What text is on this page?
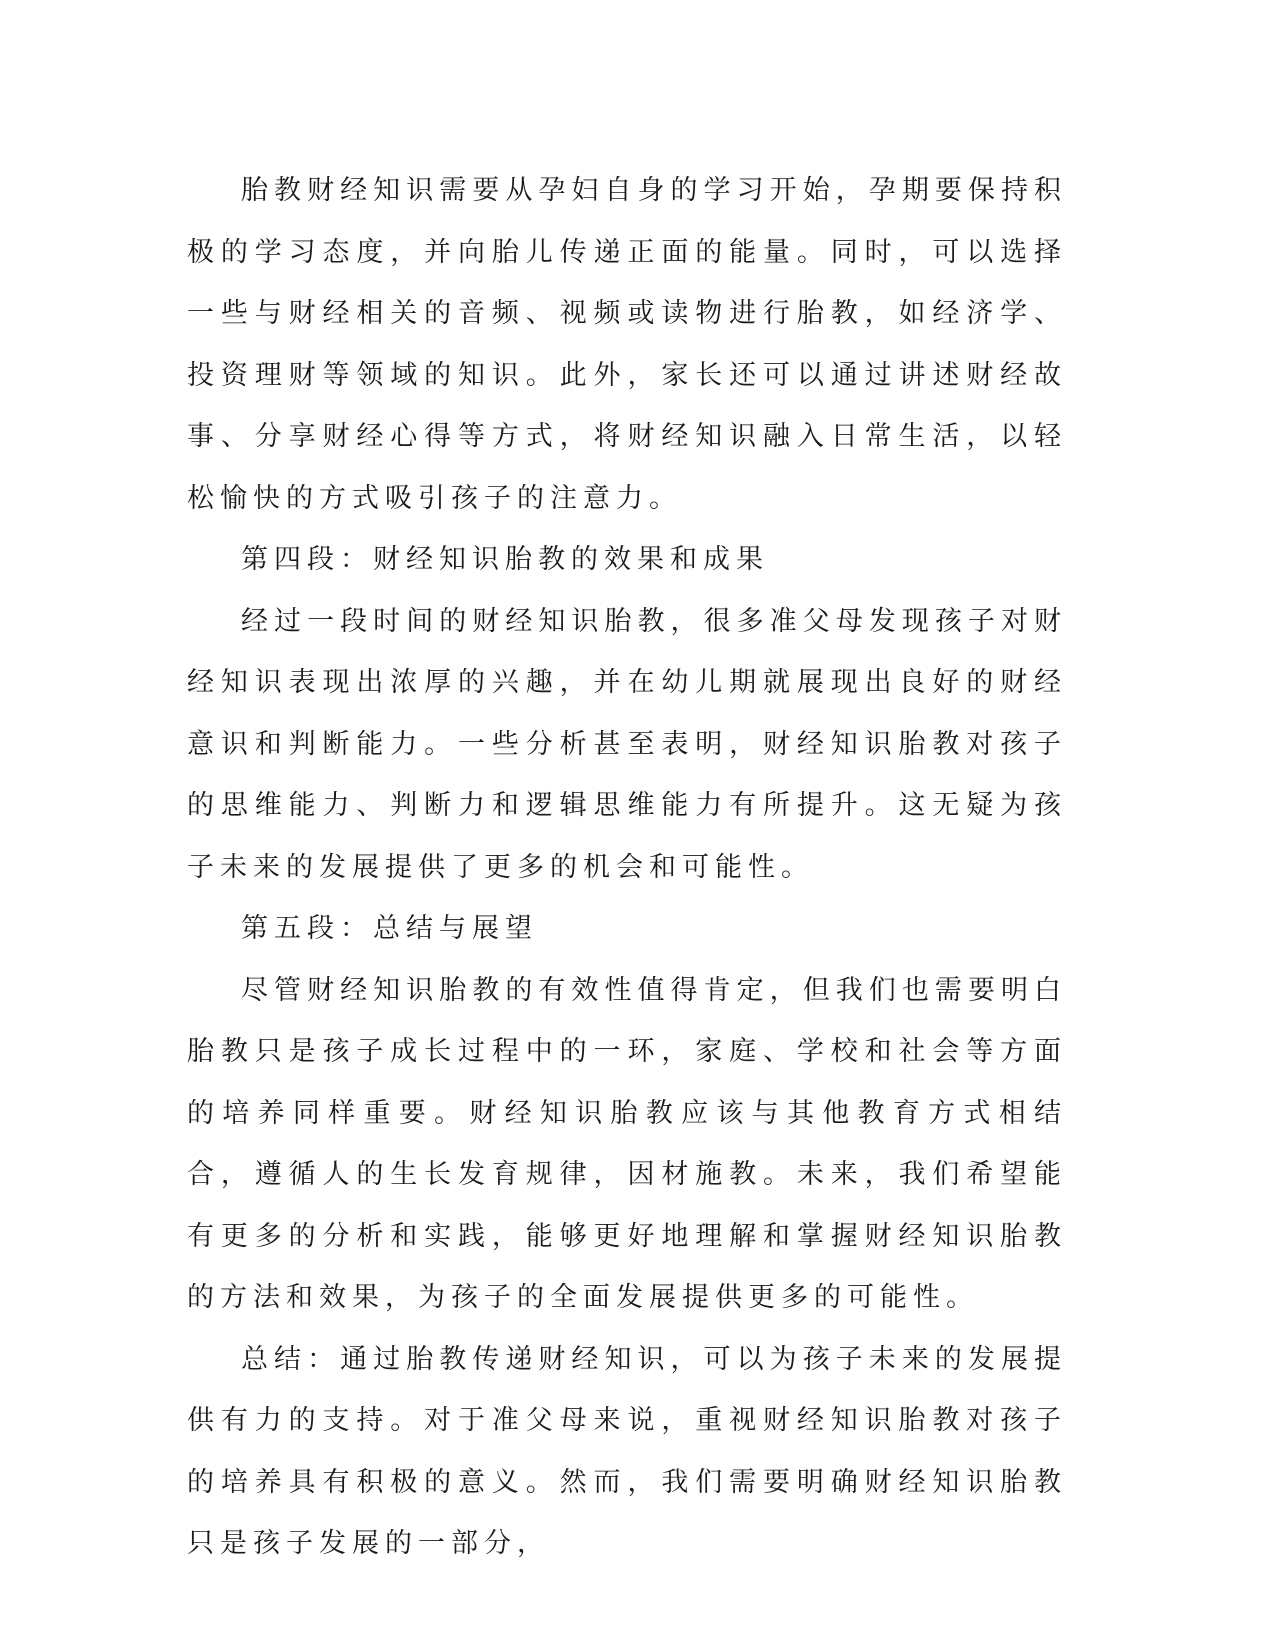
胎教财经知识需要从孕妇自身的学习开始，孕期要保持积极的学习态度，并向胎儿传递正面的能量。同时，可以选择一些与财经相关的音频、视频或读物进行胎教，如经济学、投资理财等领域的知识。此外，家长还可以通过讲述财经故事、分享财经心得等方式，将财经知识融入日常生活，以轻松愉快的方式吸引孩子的注意力。

第四段：财经知识胎教的效果和成果

经过一段时间的财经知识胎教，很多准父母发现孩子对财经知识表现出浓厚的兴趣，并在幼儿期就展现出良好的财经意识和判断能力。一些分析甚至表明，财经知识胎教对孩子的思维能力、判断力和逻辑思维能力有所提升。这无疑为孩子未来的发展提供了更多的机会和可能性。

第五段：总结与展望

尽管财经知识胎教的有效性值得肯定，但我们也需要明白胎教只是孩子成长过程中的一环，家庭、学校和社会等方面的培养同样重要。财经知识胎教应该与其他教育方式相结合，遵循人的生长发育规律，因材施教。未来，我们希望能有更多的分析和实践，能够更好地理解和掌握财经知识胎教的方法和效果，为孩子的全面发展提供更多的可能性。

总结：通过胎教传递财经知识，可以为孩子未来的发展提供有力的支持。对于准父母来说，重视财经知识胎教对孩子的培养具有积极的意义。然而，我们需要明确财经知识胎教只是孩子发展的一部分，
